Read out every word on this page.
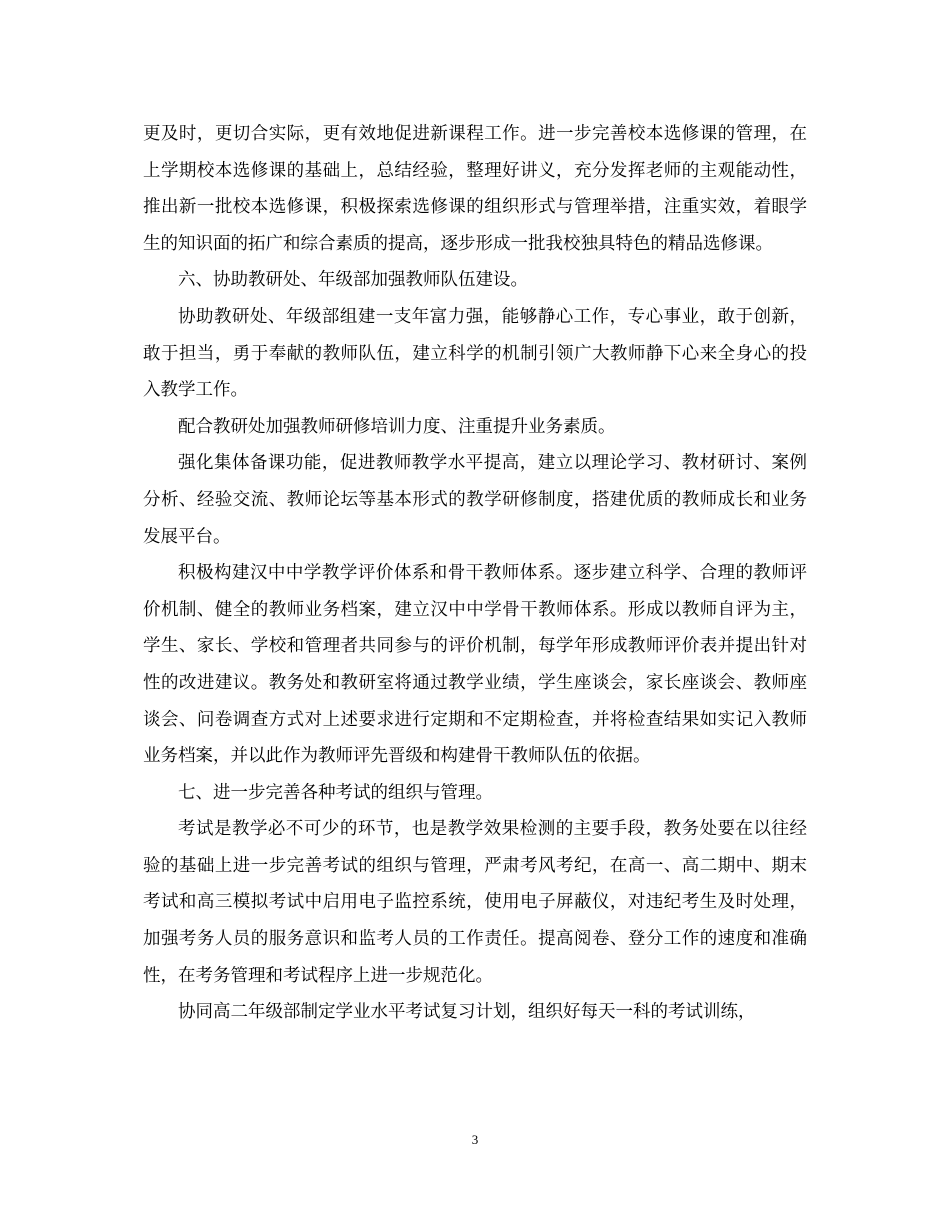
更及时，更切合实际，更有效地促进新课程工作。进一步完善校本选修课的管理，在上学期校本选修课的基础上，总结经验，整理好讲义，充分发挥老师的主观能动性，推出新一批校本选修课，积极探索选修课的组织形式与管理举措，注重实效，着眼学生的知识面的拓广和综合素质的提高，逐步形成一批我校独具特色的精品选修课。

六、协助教研处、年级部加强教师队伍建设。

协助教研处、年级部组建一支年富力强，能够静心工作，专心事业，敢于创新，敢于担当，勇于奉献的教师队伍，建立科学的机制引领广大教师静下心来全身心的投入教学工作。

配合教研处加强教师研修培训力度、注重提升业务素质。

强化集体备课功能，促进教师教学水平提高，建立以理论学习、教材研讨、案例分析、经验交流、教师论坛等基本形式的教学研修制度，搭建优质的教师成长和业务发展平台。

积极构建汉中中学教学评价体系和骨干教师体系。逐步建立科学、合理的教师评价机制、健全的教师业务档案，建立汉中中学骨干教师体系。形成以教师自评为主，学生、家长、学校和管理者共同参与的评价机制，每学年形成教师评价表并提出针对性的改进建议。教务处和教研室将通过教学业绩，学生座谈会，家长座谈会、教师座谈会、问卷调查方式对上述要求进行定期和不定期检查，并将检查结果如实记入教师业务档案，并以此作为教师评先晋级和构建骨干教师队伍的依据。

七、进一步完善各种考试的组织与管理。

考试是教学必不可少的环节，也是教学效果检测的主要手段，教务处要在以往经验的基础上进一步完善考试的组织与管理，严肃考风考纪，在高一、高二期中、期末考试和高三模拟考试中启用电子监控系统，使用电子屏蔽仪，对违纪考生及时处理，加强考务人员的服务意识和监考人员的工作责任。提高阅卷、登分工作的速度和准确性，在考务管理和考试程序上进一步规范化。

协同高二年级部制定学业水平考试复习计划，组织好每天一科的考试训练，

3
